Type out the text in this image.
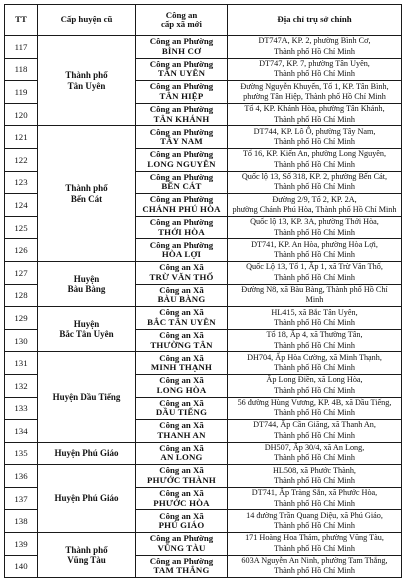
TT	Cấp huyện cũ	Công an
cấp xã mới	Địa chỉ trụ sở chính
117	Thành phố
Tân Uyên	Công an Phường
BÌNH CƠ	DT747A, KP. 2, phường Bình Cơ,
Thành phố Hồ Chí Minh

118		Công an Phường
TÂN UYÊN	DT747, KP. 7, phường Tân Uyên,
Thành phố Hồ Chí Minh

119		Công an Phường
TÂN HIỆP	Đường Nguyễn Khuyến, Tổ 1, KP. Tân Bình,
phường Tân Hiệp, Thành phố Hồ Chí Minh

120		Công an Phường
TÂN KHÁNH	Tổ 4, KP. Khánh Hòa, phường Tân Khánh,
Thành phố Hồ Chí Minh

121	Thành phố
Bến Cát	Công an Phường
TÂY NAM	DT744, KP. Lô Ô, phường Tây Nam,
Thành phố Hồ Chí Minh

122		Công an Phường
LONG NGUYÊN	Tổ 16, KP. Kiến An, phường Long Nguyên,
Thành phố Hồ Chí Minh

123		Công an Phường
BẾN CÁT	Quốc lộ 13, Số 318, KP. 2, phường Bến Cát,
Thành phố Hồ Chí Minh

124		Công an Phường
CHÁNH PHÚ HÒA	Đường 2/9, Tổ 2, KP. 2A,
phường Chánh Phú Hòa, Thành phố Hồ Chí Minh

125		Công an Phường
THỚI HÒA	Quốc lộ 13, KP. 3A, phường Thới Hòa,
Thành phố Hồ Chí Minh

126		Công an Phường
HÒA LỢI	DT741, KP. An Hòa, phường Hòa Lợi,
Thành phố Hồ Chí Minh

127	Huyện
Bàu Bàng	Công an Xã
TRỪ VĂN THỐ	Quốc Lộ 13, Tổ 1, Ấp 1, xã Trừ Văn Thố,
Thành phố Hồ Chí Minh

128		Công an Xã
BÀU BÀNG	Đường N8, xã Bàu Bàng, Thành phố Hồ Chí
Minh

129	Huyện
Bắc Tân Uyên	Công an Xã
BẮC TÂN UYÊN	HL415, xã Bắc Tân Uyên,
Thành phố Hồ Chí Minh

130		Công an Xã
THƯỜNG TÂN	Tổ 18, Ấp 4, xã Thường Tân,
Thành phố Hồ Chí Minh

131	Huyện Dầu Tiếng	Công an Xã
MINH THẠNH	DH704, Ấp Hòa Cường, xã Minh Thạnh,
Thành phố Hồ Chí Minh

132		Công an Xã
LONG HÒA	Ấp Long Điền, xã Long Hòa,
Thành phố Hồ Chí Minh

133		Công an Xã
DẦU TIẾNG	56 đường Hùng Vương, KP. 4B, xã Dầu Tiếng,
Thành phố Hồ Chí Minh

134		Công an Xã
THANH AN	DT744, Ấp Cần Giăng, xã Thanh An,
Thành phố Hồ Chí Minh

135	Huyện Phú Giáo	Công an Xã
AN LONG	DH507, Ấp 30/4, xã An Long,
Thành phố Hồ Chí Minh

136	Huyện Phú Giáo	Công an Xã
PHƯỚC THÀNH	HL508, xã Phước Thành,
Thành phố Hồ Chí Minh

137		Công an Xã
PHƯỚC HÒA	DT741, Ấp Tràng Sắn, xã Phước Hòa,
Thành phố Hồ Chí Minh

138		Công an Xã
PHÚ GIÁO	14 đường Trần Quang Diệu, xã Phú Giáo,
Thành phố Hồ Chí Minh

139	Thành phố
Vũng Tàu	Công an Phường
VŨNG TÀU	171 Hoàng Hoa Thám, phường Vũng Tàu,
Thành phố Hồ Chí Minh

140		Công an Phường
TAM THẮNG	603A Nguyễn An Ninh, phường Tam Thắng,
Thành phố Hồ Chí Minh
